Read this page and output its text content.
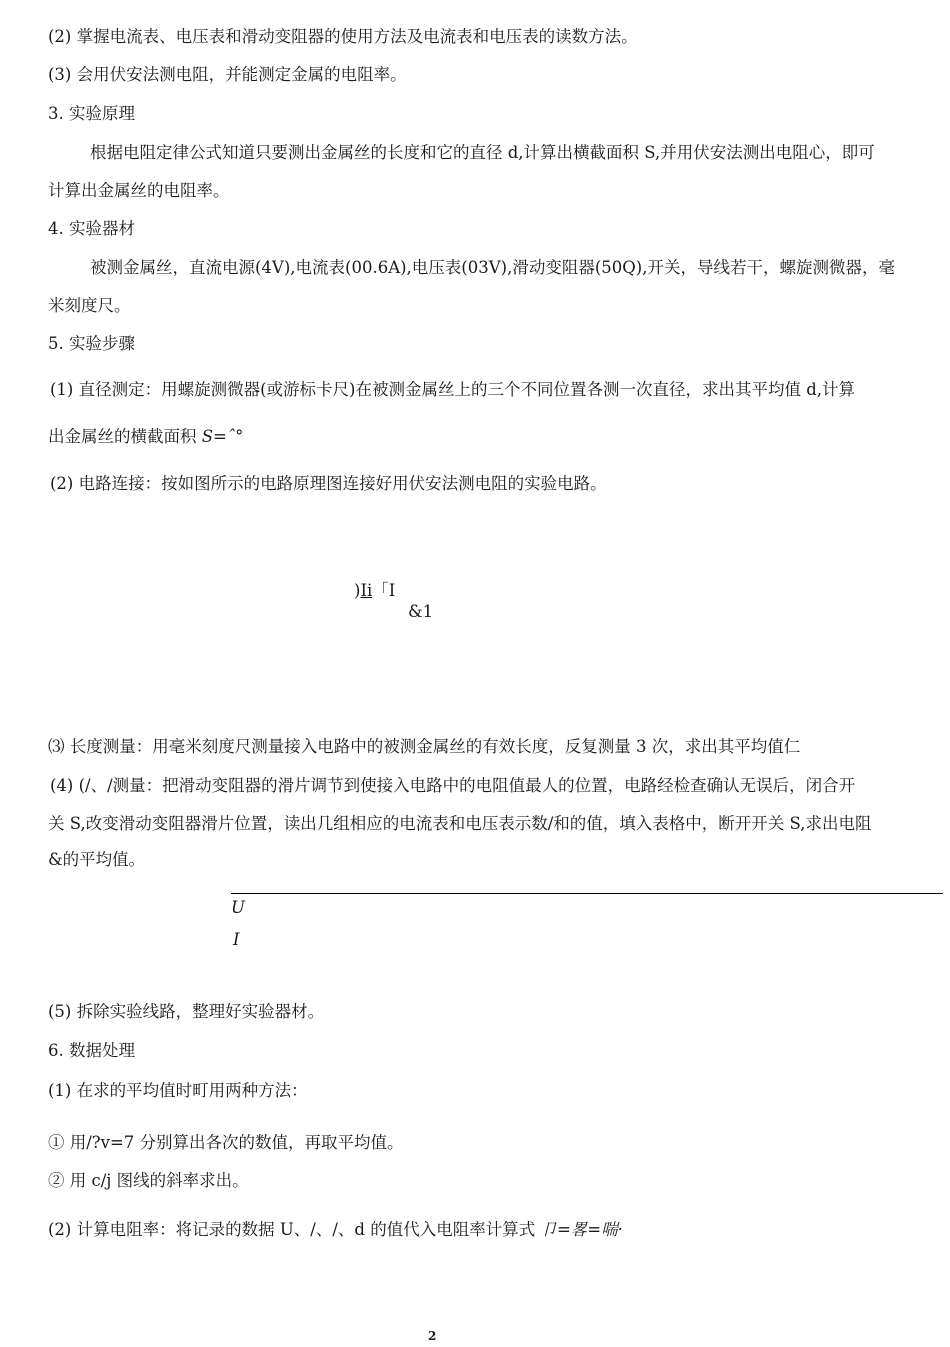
(2) 掌握电流表、电压表和滑动变阻器的使用方法及电流表和电压表的读数方法。
(3) 会用伏安法测电阻，并能测定金属的电阻率。
3. 实验原理
根据电阻定律公式知道只要测出金属丝的长度和它的直径 d,计算出横截面积 S,并用伏安法测出电阻心，即可
计算出金属丝的电阻率。
4. 实验器材
被测金属丝，直流电源(4V),电流表(00.6A),电压表(03V),滑动变阻器(50Q),开关，导线若干，螺旋测微器，毫
米刻度尺。
5. 实验步骤
(1) 直径测定：用螺旋测微器(或游标卡尺)在被测金属丝上的三个不同位置各测一次直径，求出其平均值 d,计算
出金属丝的横截面积 S=ˆ°
(2) 电路连接：按如图所示的电路原理图连接好用伏安法测电阻的实验电路。
)Ii「I
&1
⑶ 长度测量：用毫米刻度尺测量接入电路中的被测金属丝的有效长度，反复测量 3 次，求出其平均值仁
(4) (/、/测量：把滑动变阻器的滑片调节到使接入电路中的电阻值最人的位置，电路经检查确认无误后，闭合开
关 S,改变滑动变阻器滑片位置，读出几组相应的电流表和电压表示数/和的值，填入表格中，断开开关 S,求出电阻
&的平均值。
U
I
(5) 拆除实验线路，整理好实验器材。
6. 数据处理
(1) 在求的平均值时町用两种方法：
① 用/?v=7 分别算出各次的数值，再取平均值。
② 用 c/j 图线的斜率求出。
(2) 计算电阻率：将记录的数据 U、/、/、d 的值代入电阻率计算式 卩=畧=喘·
2
